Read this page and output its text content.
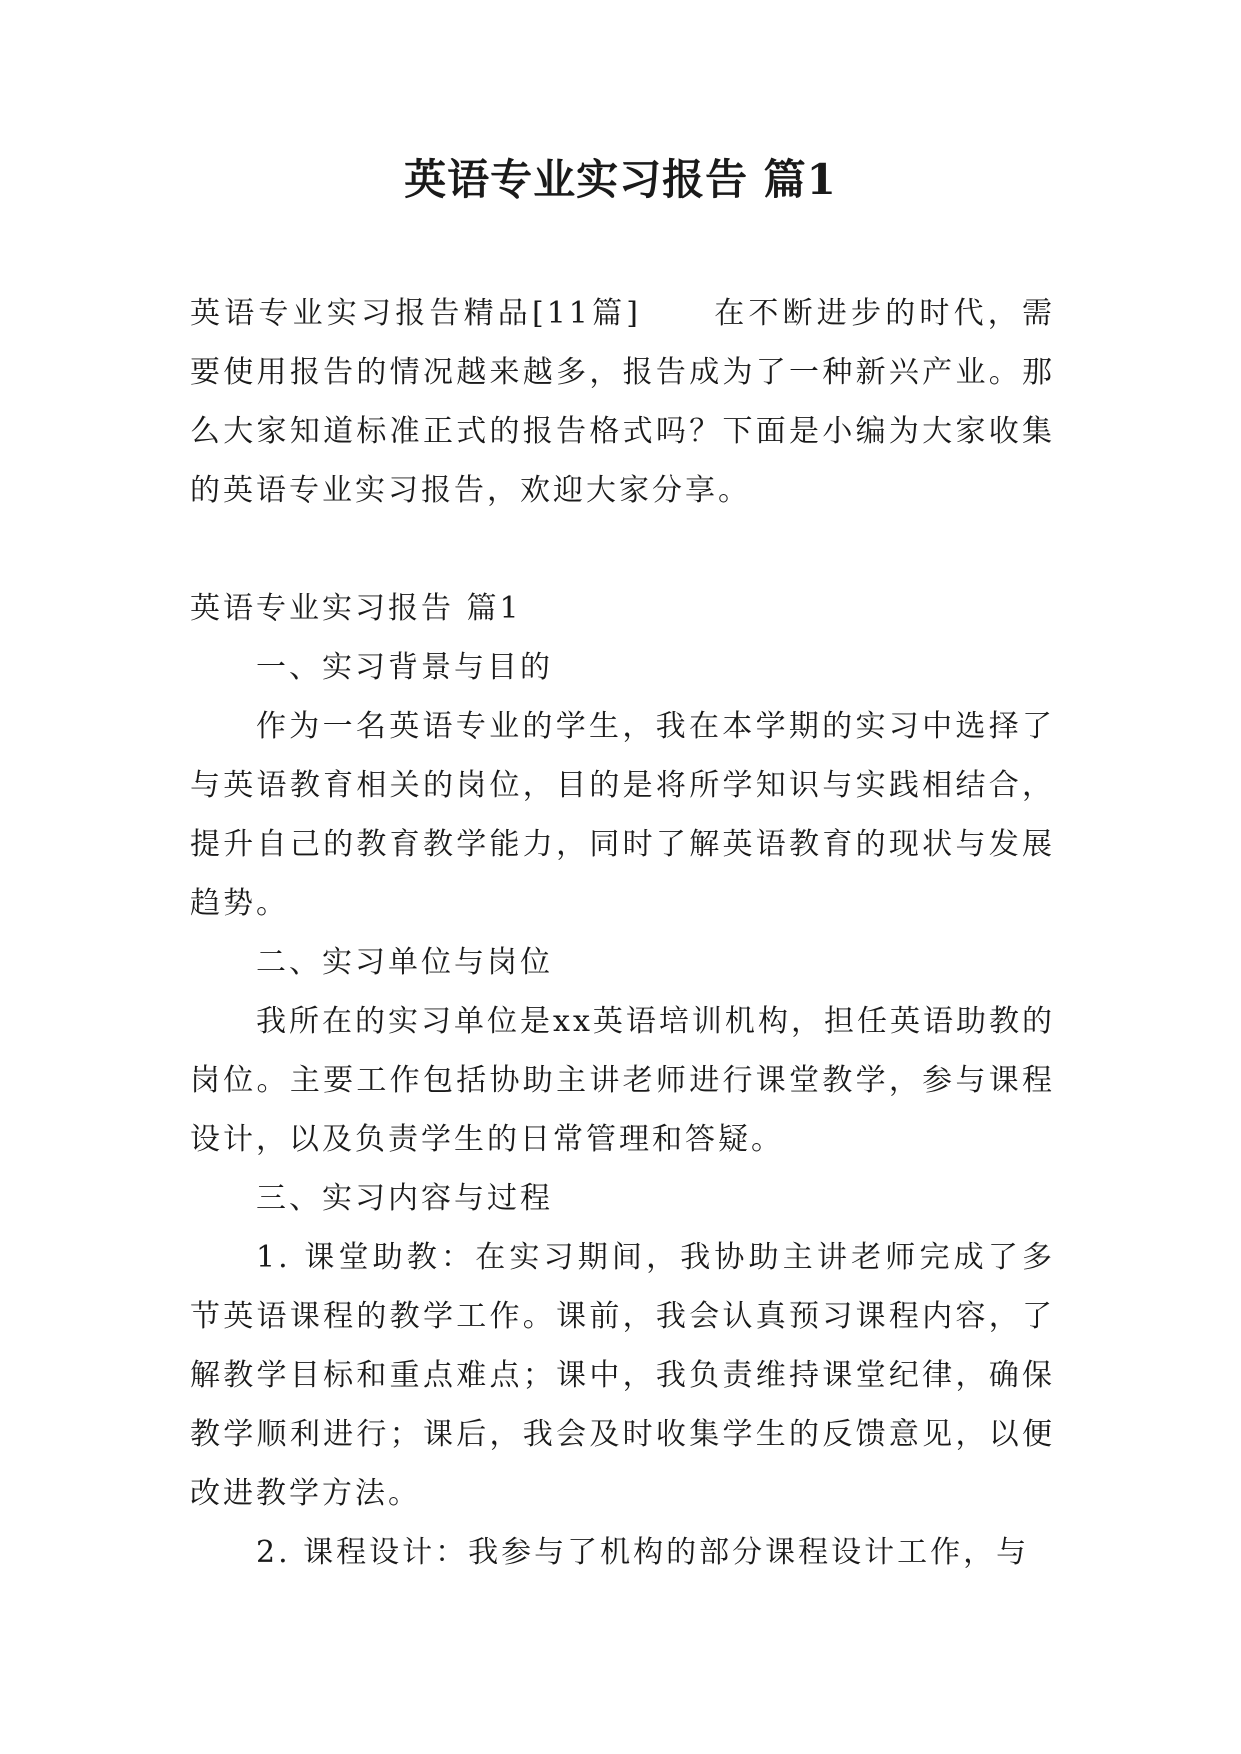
英语专业实习报告 篇1

英语专业实习报告精品[11篇] 在不断进步的时代，需要使用报告的情况越来越多，报告成为了一种新兴产业。那么大家知道标准正式的报告格式吗？下面是小编为大家收集的英语专业实习报告，欢迎大家分享。

英语专业实习报告 篇1

一、实习背景与目的

作为一名英语专业的学生，我在本学期的实习中选择了与英语教育相关的岗位，目的是将所学知识与实践相结合，提升自己的教育教学能力，同时了解英语教育的现状与发展趋势。

二、实习单位与岗位

我所在的实习单位是xx英语培训机构，担任英语助教的岗位。主要工作包括协助主讲老师进行课堂教学，参与课程设计，以及负责学生的日常管理和答疑。

三、实习内容与过程

1. 课堂助教：在实习期间，我协助主讲老师完成了多节英语课程的教学工作。课前，我会认真预习课程内容，了解教学目标和重点难点；课中，我负责维持课堂纪律，确保教学顺利进行；课后，我会及时收集学生的反馈意见，以便改进教学方法。

2. 课程设计：我参与了机构的部分课程设计工作，与
